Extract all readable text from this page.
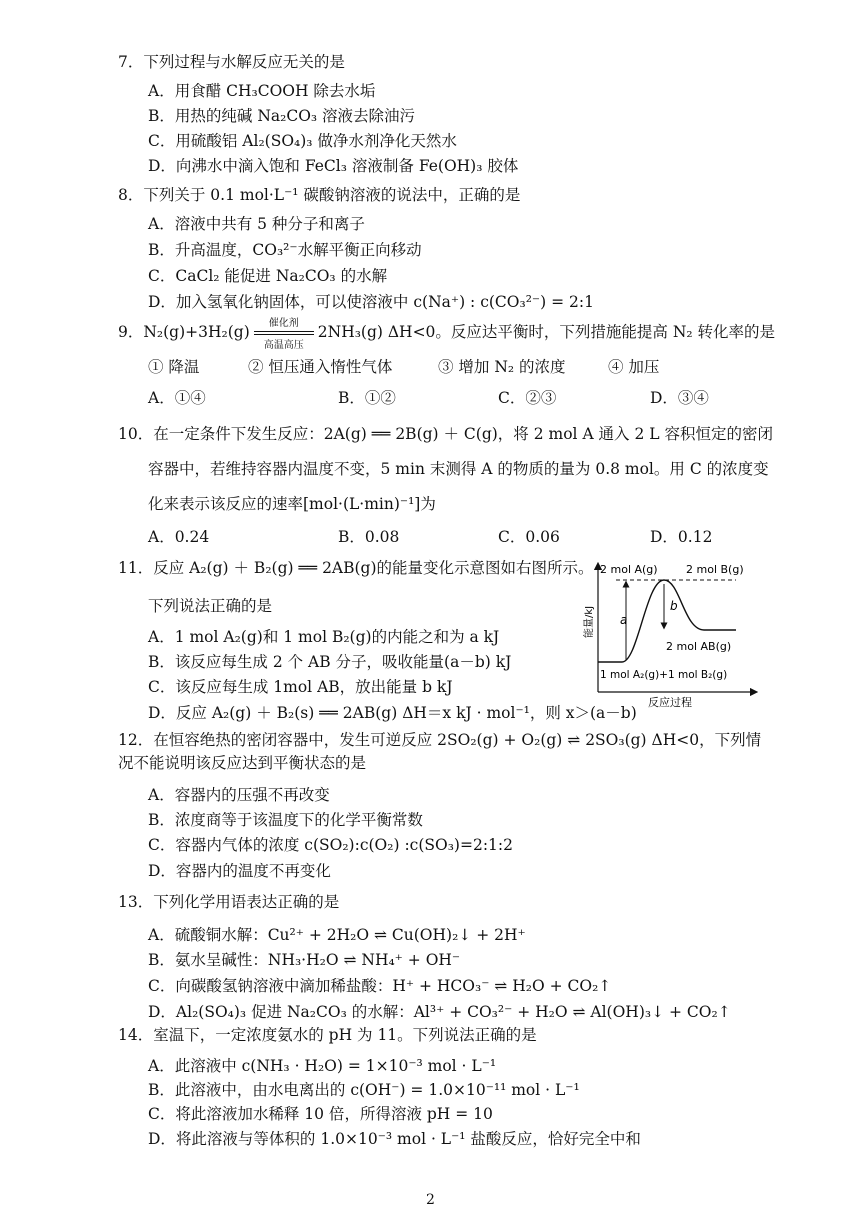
7．下列过程与水解反应无关的是
A．用食醋 CH₃COOH 除去水垢
B．用热的纯碱 Na₂CO₃ 溶液去除油污
C．用硫酸铝 Al₂(SO₄)₃ 做净水剂净化天然水
D．向沸水中滴入饱和 FeCl₃ 溶液制备 Fe(OH)₃ 胶体
8．下列关于 0.1 mol·L⁻¹ 碳酸钠溶液的说法中，正确的是
A．溶液中共有 5 种分子和离子
B．升高温度，CO₃²⁻水解平衡正向移动
C．CaCl₂ 能促进 Na₂CO₃ 的水解
D．加入氢氧化钠固体，可以使溶液中 c(Na⁺) : c(CO₃²⁻) = 2:1
9．N₂(g)+3H₂(g)	催化剂
高温高压
2NH₃(g) ΔH<0。反应达平衡时，下列措施能提高 N₂ 转化率的是
① 降温	② 恒压通入惰性气体	③ 增加 N₂ 的浓度	④ 加压
A．①④	B．①②	C．②③	D．③④
10．在一定条件下发生反应：2A(g) ══ 2B(g) ＋ C(g)，将 2 mol A 通入 2 L 容积恒定的密闭
容器中，若维持容器内温度不变，5 min 末测得 A 的物质的量为 0.8 mol。用 C 的浓度变
化来表示该反应的速率[mol·(L·min)⁻¹]为
A．0.24	B．0.08	C．0.06	D．0.12
11．反应 A₂(g) ＋ B₂(g) ══ 2AB(g)的能量变化示意图如右图所示。
下列说法正确的是
A．1 mol A₂(g)和 1 mol B₂(g)的内能之和为 a kJ
B．该反应每生成 2 个 AB 分子，吸收能量(a－b) kJ
C．该反应每生成 1mol AB，放出能量 b kJ
D．反应 A₂(g) ＋ B₂(s) ══ 2AB(g) ΔH＝x kJ · mol⁻¹，则 x＞(a－b)
2 mol A(g)	2 mol B(g)
a
b
2 mol AB(g)
能量/kJ
1 mol A₂(g)+1 mol B₂(g)
反应过程
12．在恒容绝热的密闭容器中，发生可逆反应 2SO₂(g) + O₂(g) ⇌ 2SO₃(g) ΔH<0，下列情
况不能说明该反应达到平衡状态的是
A．容器内的压强不再改变
B．浓度商等于该温度下的化学平衡常数
C．容器内气体的浓度 c(SO₂):c(O₂) :c(SO₃)=2:1:2
D．容器内的温度不再变化
13．下列化学用语表达正确的是
A．硫酸铜水解：Cu²⁺ + 2H₂O ⇌ Cu(OH)₂↓ + 2H⁺
B．氨水呈碱性：NH₃·H₂O ⇌ NH₄⁺ + OH⁻
C．向碳酸氢钠溶液中滴加稀盐酸：H⁺ + HCO₃⁻ ⇌ H₂O + CO₂↑
D．Al₂(SO₄)₃ 促进 Na₂CO₃ 的水解：Al³⁺ + CO₃²⁻ + H₂O ⇌ Al(OH)₃↓ + CO₂↑
14．室温下，一定浓度氨水的 pH 为 11。下列说法正确的是
A．此溶液中 c(NH₃ · H₂O) = 1×10⁻³ mol · L⁻¹
B．此溶液中，由水电离出的 c(OH⁻) = 1.0×10⁻¹¹ mol · L⁻¹
C．将此溶液加水稀释 10 倍，所得溶液 pH = 10
D．将此溶液与等体积的 1.0×10⁻³ mol · L⁻¹ 盐酸反应，恰好完全中和
2
